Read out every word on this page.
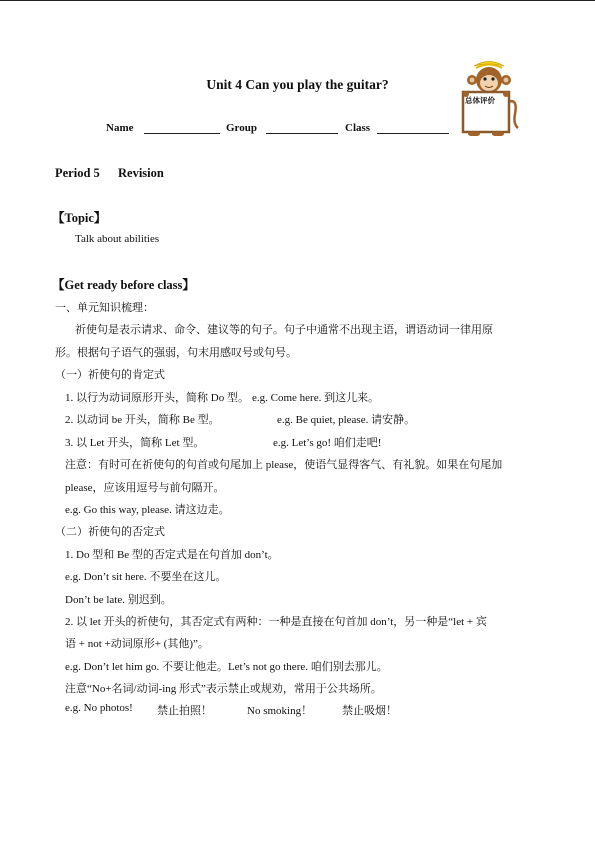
Unit 4 Can you play the guitar?
Name	Group	Class
总体评价
Period 5 Revision
【Topic】
Talk about abilities
【Get ready before class】
一、单元知识梳理：
祈使句是表示请求、命令、建议等的句子。句子中通常不出现主语，谓语动词一律用原
形。根据句子语气的强弱，句末用感叹号或句号。
（一）祈使句的肯定式
1. 以行为动词原形开头，简称 Do 型。 e.g. Come here. 到这儿来。
2. 以动词 be 开头，简称 Be 型。	e.g. Be quiet, please. 请安静。
3. 以 Let 开头，简称 Let 型。	e.g. Let’s go! 咱们走吧!
注意：有时可在祈使句的句首或句尾加上 please，使语气显得客气、有礼貌。如果在句尾加
please，应该用逗号与前句隔开。
e.g. Go this way, please. 请这边走。
（二）祈使句的否定式
1. Do 型和 Be 型的否定式是在句首加 don’t。
e.g. Don’t sit here. 不要坐在这儿。
Don’t be late. 别迟到。
2. 以 let 开头的祈使句，其否定式有两种：一种是直接在句首加 don’t，另一种是“let + 宾
语 + not +动词原形+ (其他)”。
e.g. Don’t let him go. 不要让他走。Let’s not go there. 咱们别去那儿。
注意“No+名词/动词-ing 形式”表示禁止或规劝，常用于公共场所。
e.g. No photos! 禁止拍照！	No smoking！	禁止吸烟！
